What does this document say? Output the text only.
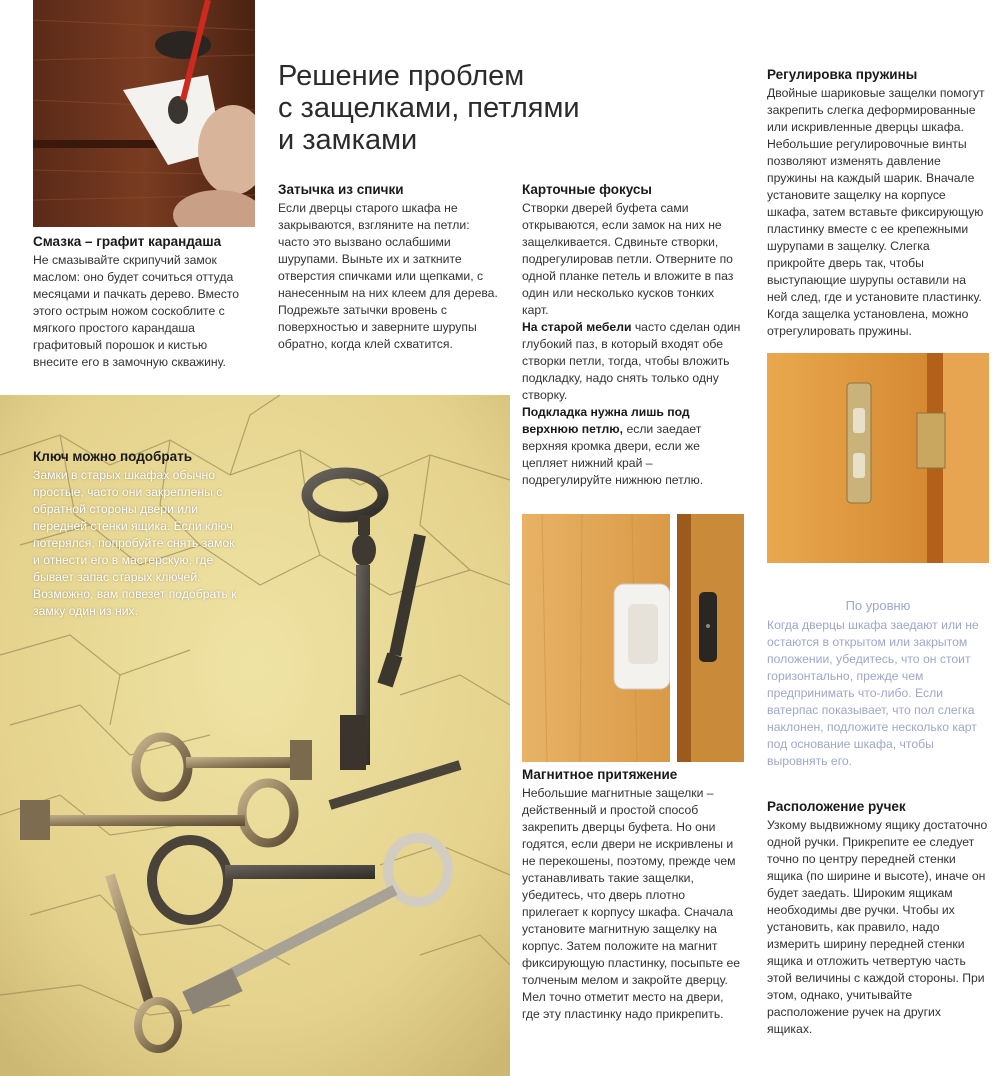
Решение проблем
с защелками, петлями
и замками
Смазка – графит карандаша

Не смазывайте скрипучий замок маслом: оно будет сочиться оттуда месяцами и пачкать дерево. Вместо этого острым ножом соскоблите с мягкого простого карандаша графитовый порошок и кистью внесите его в замочную скважину.

Затычка из спички

Если дверцы старого шкафа не закрываются, взгляните на петли: часто это вызвано ослабшими шурупами. Выньте их и заткните отверстия спичками или щепками, с нанесенным на них клеем для дерева. Подрежьте затычки вровень с поверхностью и заверните шурупы обратно, когда клей схватится.

Карточные фокусы

Створки дверей буфета сами открываются, если замок на них не защелкивается. Сдвиньте створки, подрегулировав петли. Отверните по одной планке петель и вложите в паз один или несколько кусков тонких карт.

На старой мебели часто сделан один глубокий паз, в который входят обе створки петли, тогда, чтобы вложить подкладку, надо снять только одну створку.

Подкладка нужна лишь под верхнюю петлю, если заедает верхняя кромка двери, если же цепляет нижний край – подрегулируйте нижнюю петлю.

Регулировка пружины

Двойные шариковые защелки помогут закрепить слегка деформированные или искривленные дверцы шкафа. Небольшие регулировочные винты позволяют изменять давление пружины на каждый шарик. Вначале установите защелку на корпусе шкафа, затем вставьте фиксирующую пластинку вместе с ее крепежными шурупами в защелку. Слегка прикройте дверь так, чтобы выступающие шурупы оставили на ней след, где и установите пластинку. Когда защелка установлена, можно отрегулировать пружины.

Ключ можно подобрать

Замки в старых шкафах обычно простые, часто они закреплены с обратной стороны двери или передней стенки ящика. Если ключ потерялся, попробуйте снять замок и отнести его в мастерскую, где бывает запас старых ключей. Возможно, вам повезет подобрать к замку один из них.	По уровню

Когда дверцы шкафа заедают или не остаются в открытом или закрытом положении, убедитесь, что он стоит горизонтально, прежде чем предпринимать что-либо. Если ватерпас показывает, что пол слегка наклонен, подложите несколько карт под основание шкафа, чтобы выровнять его.

Магнитное притяжение

Небольшие магнитные защелки – действенный и простой способ закрепить дверцы буфета. Но они годятся, если двери не искривлены и не перекошены, поэтому, прежде чем устанавливать такие защелки, убедитесь, что дверь плотно прилегает к корпусу шкафа. Сначала установите магнитную защелку на корпус. Затем положите на магнит фиксирующую пластинку, посыпьте ее толченым мелом и закройте дверцу. Мел точно отметит место на двери, где эту пластинку надо прикрепить.

Расположение ручек

Узкому выдвижному ящику достаточно одной ручки. Прикрепите ее следует точно по центру передней стенки ящика (по ширине и высоте), иначе он будет заедать. Широким ящикам необходимы две ручки. Чтобы их установить, как правило, надо измерить ширину передней стенки ящика и отложить четвертую часть этой величины с каждой стороны. При этом, однако, учитывайте расположение ручек на других ящиках.
